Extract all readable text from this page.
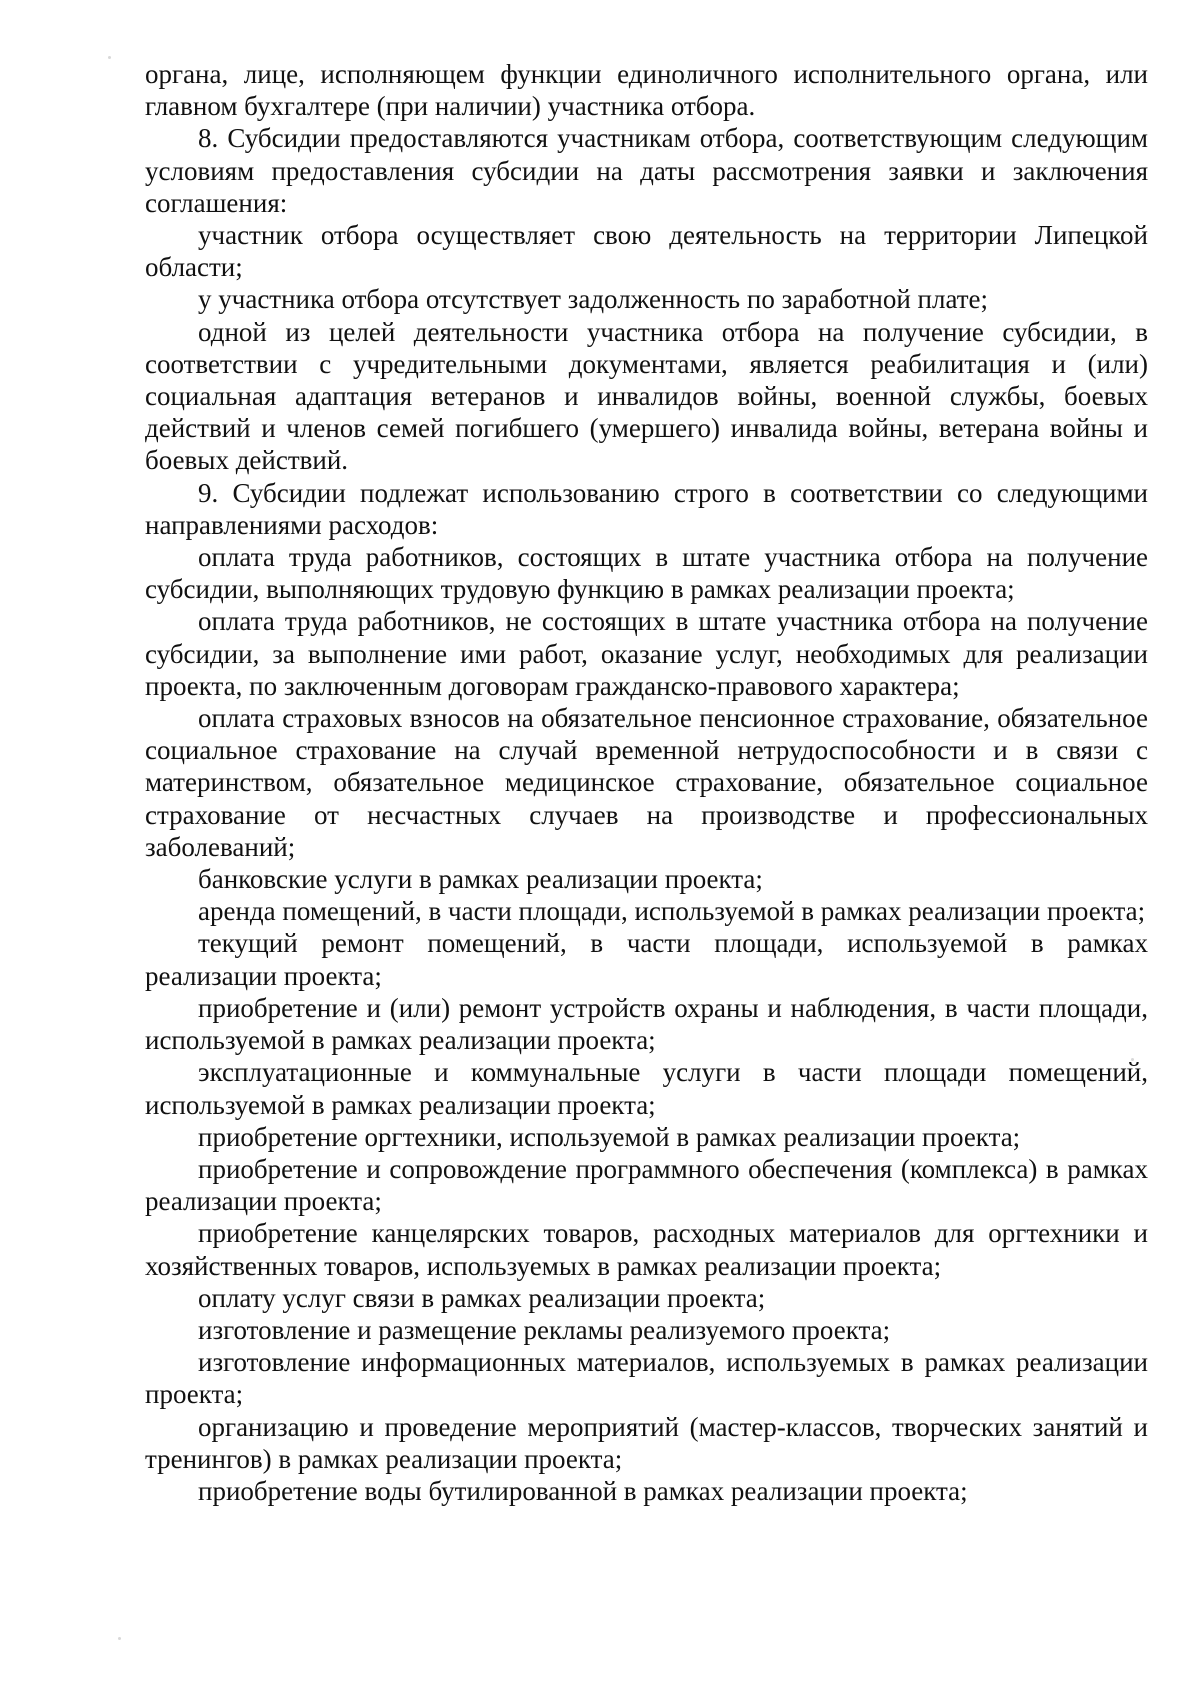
органа, лице, исполняющем функции единоличного исполнительного органа, или главном бухгалтере (при наличии) участника отбора.

8. Субсидии предоставляются участникам отбора, соответствующим следующим условиям предоставления субсидии на даты рассмотрения заявки и заключения соглашения:

участник отбора осуществляет свою деятельность на территории Липецкой области;

у участника отбора отсутствует задолженность по заработной плате;

одной из целей деятельности участника отбора на получение субсидии, в соответствии с учредительными документами, является реабилитация и (или) социальная адаптация ветеранов и инвалидов войны, военной службы, боевых действий и членов семей погибшего (умершего) инвалида войны, ветерана войны и боевых действий.

9. Субсидии подлежат использованию строго в соответствии со следующими направлениями расходов:

оплата труда работников, состоящих в штате участника отбора на получение субсидии, выполняющих трудовую функцию в рамках реализации проекта;

оплата труда работников, не состоящих в штате участника отбора на получение субсидии, за выполнение ими работ, оказание услуг, необходимых для реализации проекта, по заключенным договорам гражданско-правового характера;

оплата страховых взносов на обязательное пенсионное страхование, обязательное социальное страхование на случай временной нетрудоспособности и в связи с материнством, обязательное медицинское страхование, обязательное социальное страхование от несчастных случаев на производстве и профессиональных заболеваний;

банковские услуги в рамках реализации проекта;

аренда помещений, в части площади, используемой в рамках реализации проекта;

текущий ремонт помещений, в части площади, используемой в рамках реализации проекта;

приобретение и (или) ремонт устройств охраны и наблюдения, в части площади, используемой в рамках реализации проекта;

эксплуатационные и коммунальные услуги в части площади помещений, используемой в рамках реализации проекта;

приобретение оргтехники, используемой в рамках реализации проекта;

приобретение и сопровождение программного обеспечения (комплекса) в рамках реализации проекта;

приобретение канцелярских товаров, расходных материалов для оргтехники и хозяйственных товаров, используемых в рамках реализации проекта;

оплату услуг связи в рамках реализации проекта;

изготовление и размещение рекламы реализуемого проекта;

изготовление информационных материалов, используемых в рамках реализации проекта;

организацию и проведение мероприятий (мастер-классов, творческих занятий и тренингов) в рамках реализации проекта;

приобретение воды бутилированной в рамках реализации проекта;
